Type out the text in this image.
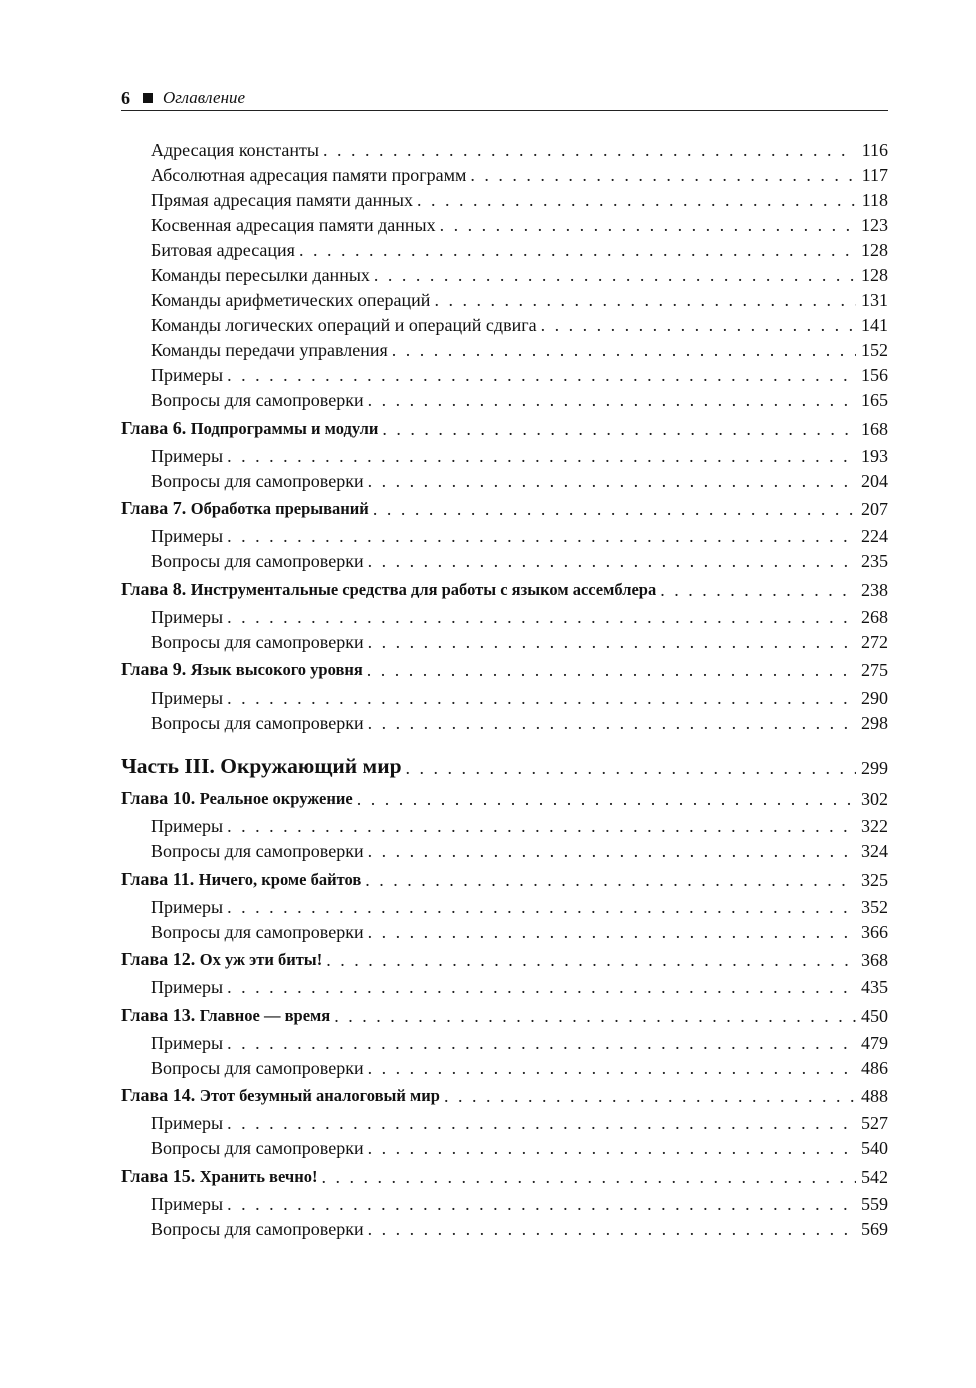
6 Оглавление
Адресация константы . . .	116
Абсолютная адресация памяти программ . . .	117
Прямая адресация памяти данных . . .	118
Косвенная адресация памяти данных . . .	123
Битовая адресация . . .	128
Команды пересылки данных . . .	128
Команды арифметических операций . . .	131
Команды логических операций и операций сдвига . . .	141
Команды передачи управления . . .	152
Примеры . . .	156
Вопросы для самопроверки . . .	165
Глава 6. Подпрограммы и модули . . .	168
Примеры . . .	193
Вопросы для самопроверки . . .	204
Глава 7. Обработка прерываний . . .	207
Примеры . . .	224
Вопросы для самопроверки . . .	235
Глава 8. Инструментальные средства для работы с языком ассемблера . . .	238
Примеры . . .	268
Вопросы для самопроверки . . .	272
Глава 9. Язык высокого уровня . . .	275
Примеры . . .	290
Вопросы для самопроверки . . .	298
Часть III. Окружающий мир . . .	299
Глава 10. Реальное окружение . . .	302
Примеры . . .	322
Вопросы для самопроверки . . .	324
Глава 11. Ничего, кроме байтов . . .	325
Примеры . . .	352
Вопросы для самопроверки . . .	366
Глава 12. Ох уж эти биты! . . .	368
Примеры . . .	435
Глава 13. Главное — время . . .	450
Примеры . . .	479
Вопросы для самопроверки . . .	486
Глава 14. Этот безумный аналоговый мир . . .	488
Примеры . . .	527
Вопросы для самопроверки . . .	540
Глава 15. Хранить вечно! . . .	542
Примеры . . .	559
Вопросы для самопроверки . . .	569
